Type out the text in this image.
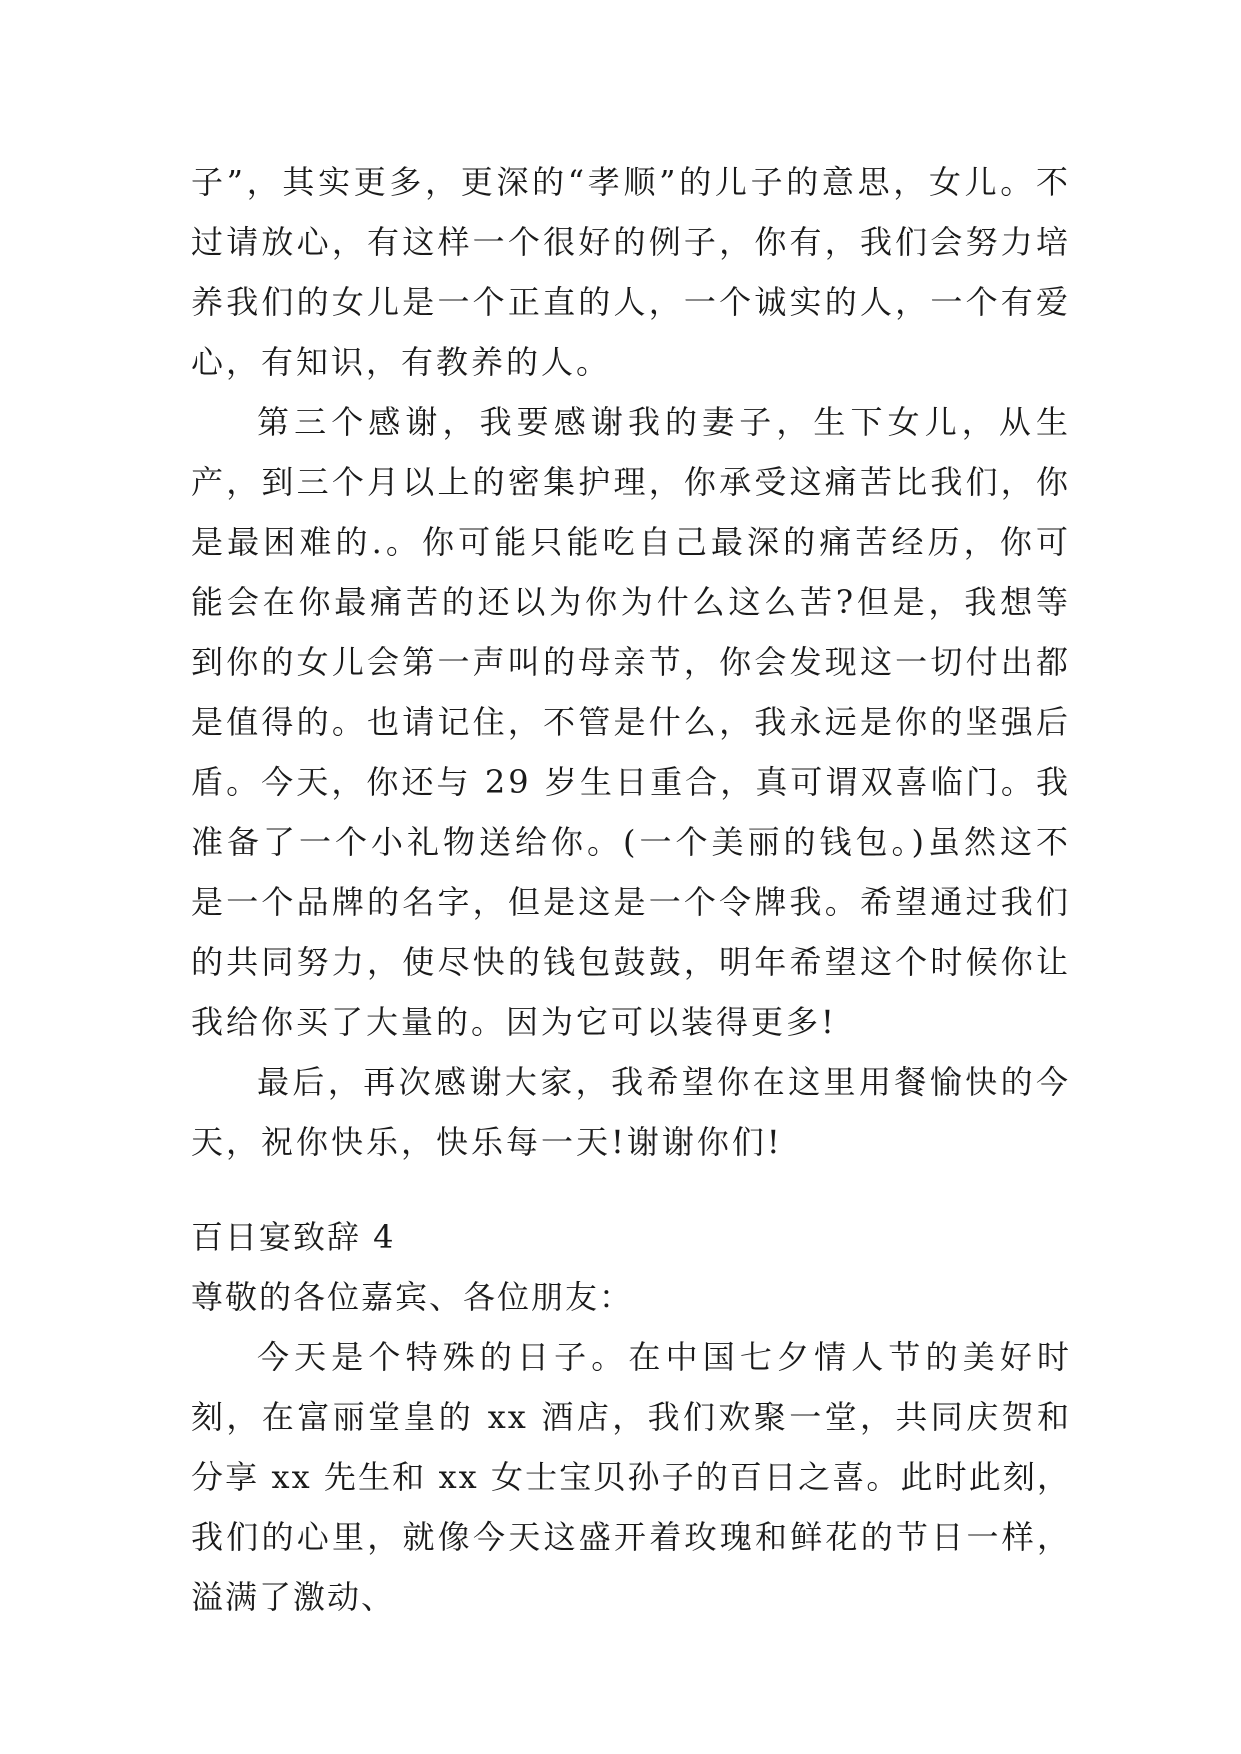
子”，其实更多，更深的“孝顺”的儿子的意思，女儿。不过请放心，有这样一个很好的例子，你有，我们会努力培养我们的女儿是一个正直的人，一个诚实的人，一个有爱心，有知识，有教养的人。

第三个感谢，我要感谢我的妻子，生下女儿，从生产，到三个月以上的密集护理，你承受这痛苦比我们，你是最困难的.。你可能只能吃自己最深的痛苦经历，你可能会在你最痛苦的还以为你为什么这么苦?但是，我想等到你的女儿会第一声叫的母亲节，你会发现这一切付出都是值得的。也请记住，不管是什么，我永远是你的坚强后盾。今天，你还与 29 岁生日重合，真可谓双喜临门。我准备了一个小礼物送给你。(一个美丽的钱包。)虽然这不是一个品牌的名字，但是这是一个令牌我。希望通过我们的共同努力，使尽快的钱包鼓鼓，明年希望这个时候你让我给你买了大量的。因为它可以装得更多!

最后，再次感谢大家，我希望你在这里用餐愉快的今天，祝你快乐，快乐每一天!谢谢你们!

百日宴致辞 4

尊敬的各位嘉宾、各位朋友：

今天是个特殊的日子。在中国七夕情人节的美好时刻，在富丽堂皇的 xx 酒店，我们欢聚一堂，共同庆贺和分享 xx 先生和 xx 女士宝贝孙子的百日之喜。此时此刻，我们的心里，就像今天这盛开着玫瑰和鲜花的节日一样，溢满了激动、
